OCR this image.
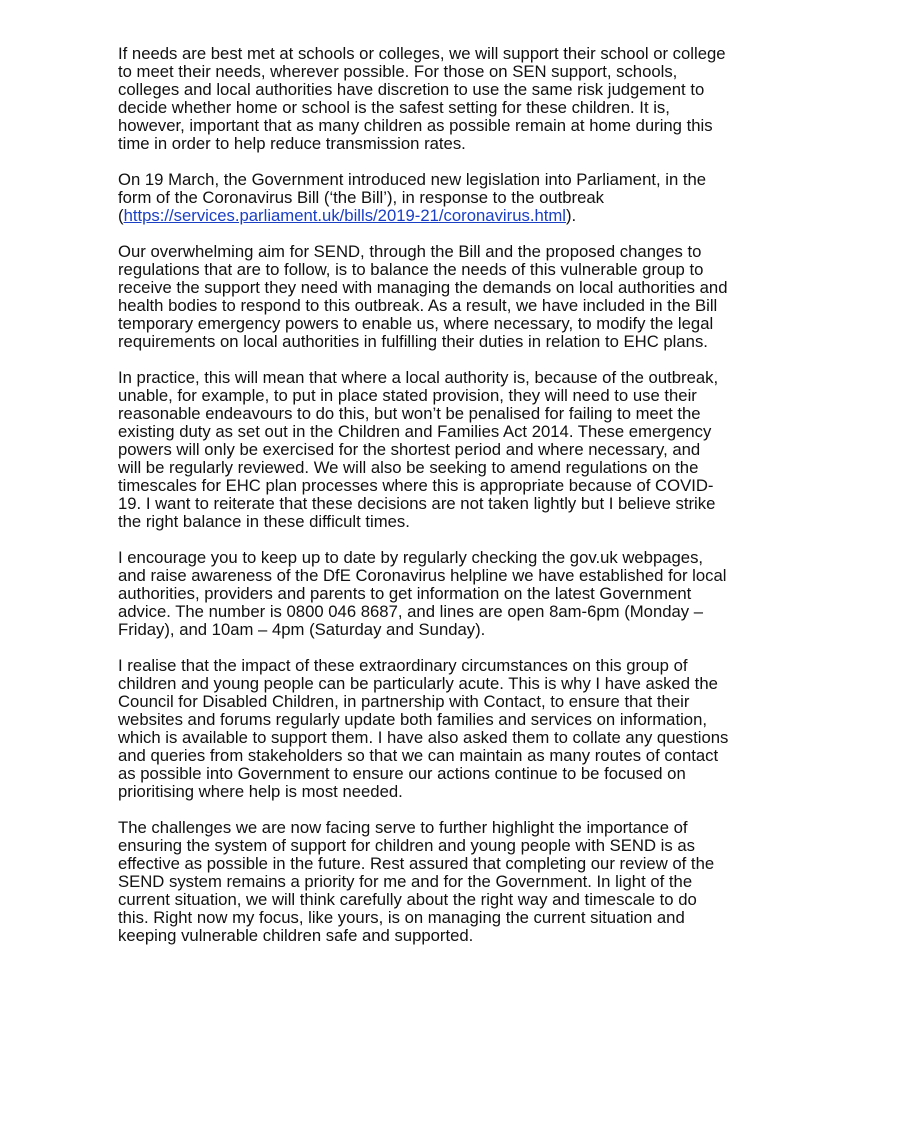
If needs are best met at schools or colleges, we will support their school or college
to meet their needs, wherever possible. For those on SEN support, schools,
colleges and local authorities have discretion to use the same risk judgement to
decide whether home or school is the safest setting for these children. It is,
however, important that as many children as possible remain at home during this
time in order to help reduce transmission rates.

On 19 March, the Government introduced new legislation into Parliament, in the
form of the Coronavirus Bill (‘the Bill’), in response to the outbreak
(https://services.parliament.uk/bills/2019-21/coronavirus.html).

Our overwhelming aim for SEND, through the Bill and the proposed changes to
regulations that are to follow, is to balance the needs of this vulnerable group to
receive the support they need with managing the demands on local authorities and
health bodies to respond to this outbreak. As a result, we have included in the Bill
temporary emergency powers to enable us, where necessary, to modify the legal
requirements on local authorities in fulfilling their duties in relation to EHC plans.

In practice, this will mean that where a local authority is, because of the outbreak,
unable, for example, to put in place stated provision, they will need to use their
reasonable endeavours to do this, but won’t be penalised for failing to meet the
existing duty as set out in the Children and Families Act 2014. These emergency
powers will only be exercised for the shortest period and where necessary, and
will be regularly reviewed. We will also be seeking to amend regulations on the
timescales for EHC plan processes where this is appropriate because of COVID-
19. I want to reiterate that these decisions are not taken lightly but I believe strike
the right balance in these difficult times.

I encourage you to keep up to date by regularly checking the gov.uk webpages,
and raise awareness of the DfE Coronavirus helpline we have established for local
authorities, providers and parents to get information on the latest Government
advice. The number is 0800 046 8687, and lines are open 8am-6pm (Monday –
Friday), and 10am – 4pm (Saturday and Sunday).

I realise that the impact of these extraordinary circumstances on this group of
children and young people can be particularly acute. This is why I have asked the
Council for Disabled Children, in partnership with Contact, to ensure that their
websites and forums regularly update both families and services on information,
which is available to support them. I have also asked them to collate any questions
and queries from stakeholders so that we can maintain as many routes of contact
as possible into Government to ensure our actions continue to be focused on
prioritising where help is most needed.

The challenges we are now facing serve to further highlight the importance of
ensuring the system of support for children and young people with SEND is as
effective as possible in the future. Rest assured that completing our review of the
SEND system remains a priority for me and for the Government. In light of the
current situation, we will think carefully about the right way and timescale to do
this. Right now my focus, like yours, is on managing the current situation and
keeping vulnerable children safe and supported.
